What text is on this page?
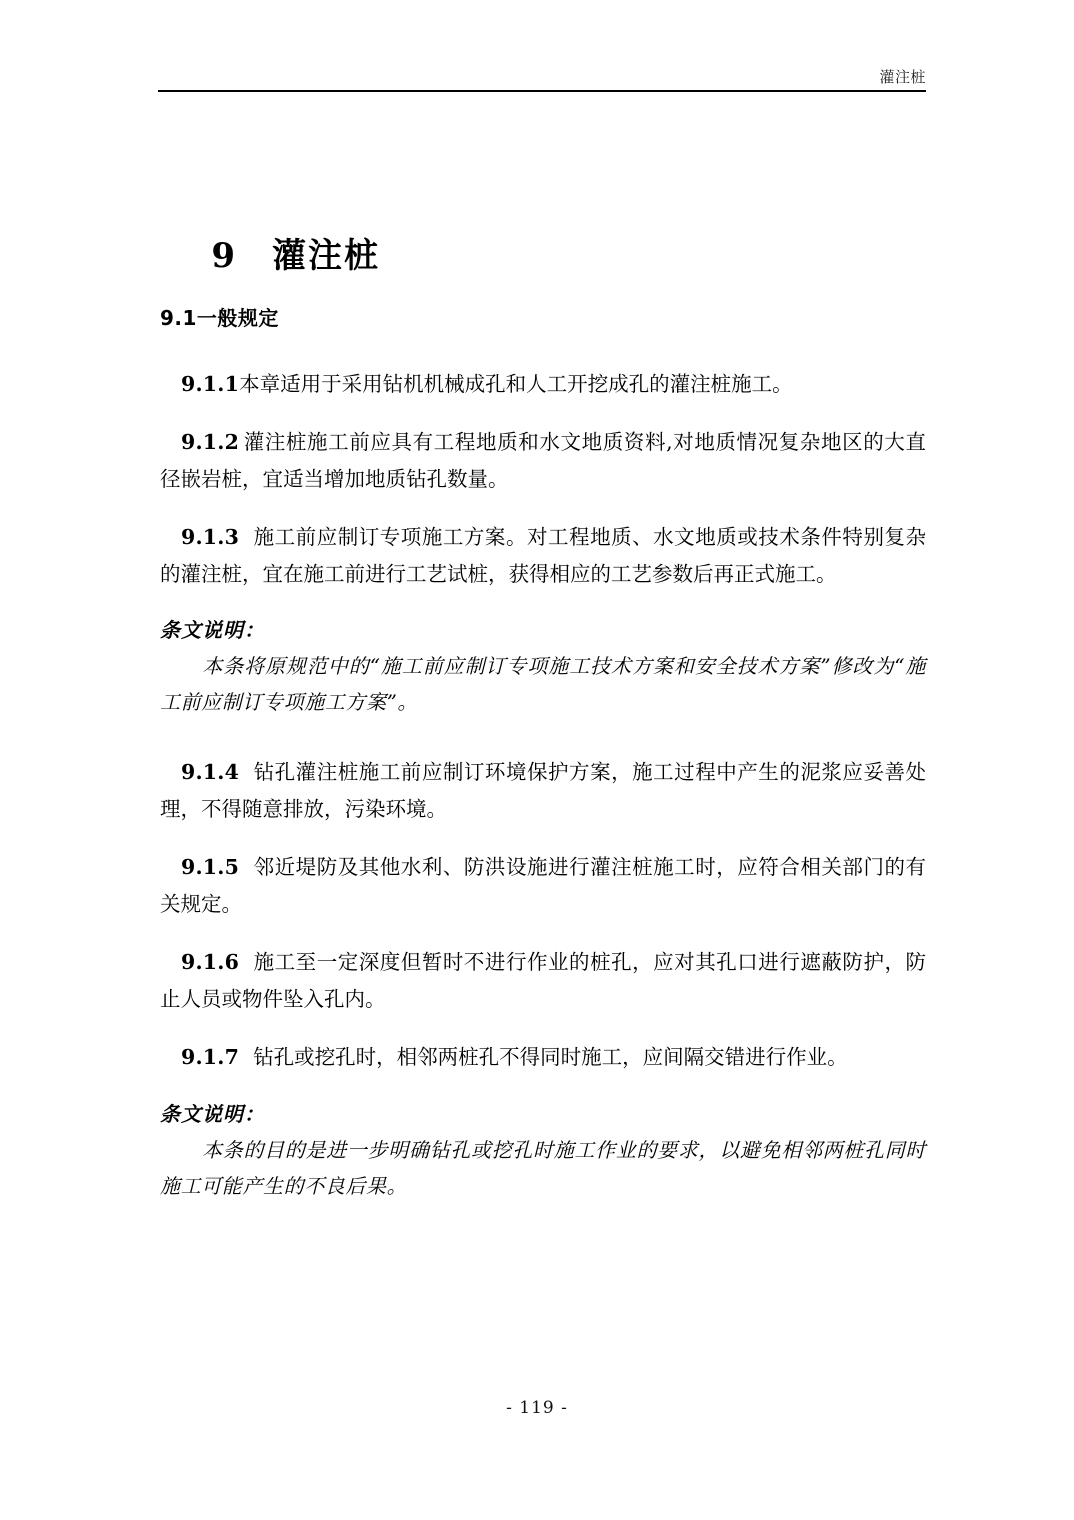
灌注桩

9   灌注桩

9.1一般规定

9.1.1本章适用于采用钻机机械成孔和人工开挖成孔的灌注桩施工。

9.1.2 灌注桩施工前应具有工程地质和水文地质资料,对地质情况复杂地区的大直径嵌岩桩，宜适当增加地质钻孔数量。

9.1.3 施工前应制订专项施工方案。对工程地质、水文地质或技术条件特别复杂的灌注桩，宜在施工前进行工艺试桩，获得相应的工艺参数后再正式施工。

条文说明：

本条将原规范中的“施工前应制订专项施工技术方案和安全技术方案”修改为“施工前应制订专项施工方案”。

9.1.4 钻孔灌注桩施工前应制订环境保护方案，施工过程中产生的泥浆应妥善处理，不得随意排放，污染环境。

9.1.5 邻近堤防及其他水利、防洪设施进行灌注桩施工时，应符合相关部门的有关规定。

9.1.6 施工至一定深度但暂时不进行作业的桩孔，应对其孔口进行遮蔽防护，防止人员或物件坠入孔内。

9.1.7 钻孔或挖孔时，相邻两桩孔不得同时施工，应间隔交错进行作业。

条文说明：

本条的目的是进一步明确钻孔或挖孔时施工作业的要求，以避免相邻两桩孔同时施工可能产生的不良后果。

- 119 -
